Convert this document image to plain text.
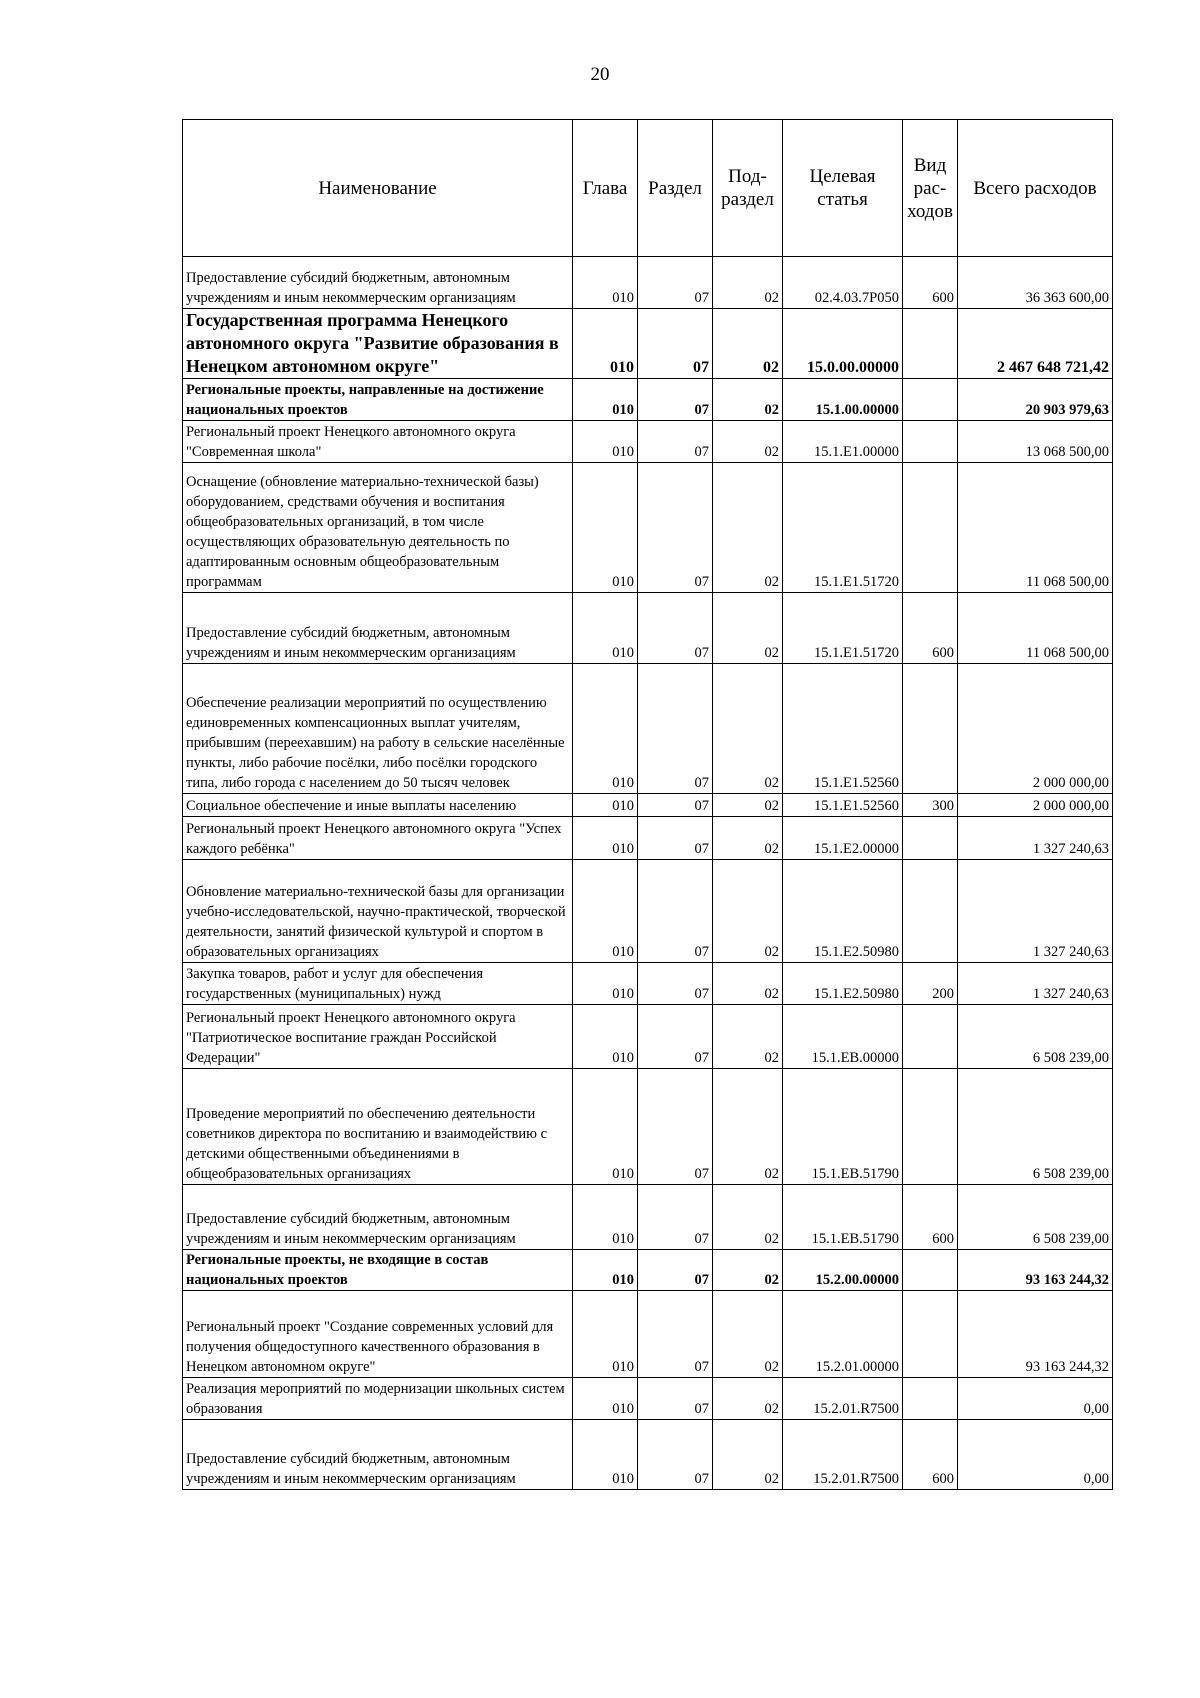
20
Наименование	Глава	Раздел	Под-раздел	Целевая статья	Вид рас-ходов	Всего расходов
Предоставление субсидий бюджетным, автономным учреждениям и иным некоммерческим организациям	010	07	02	02.4.03.7Р050	600	36 363 600,00
Государственная программа Ненецкого автономного округа "Развитие образования в Ненецком автономном округе"	010	07	02	15.0.00.00000		2 467 648 721,42
Региональные проекты, направленные на достижение национальных проектов	010	07	02	15.1.00.00000		20 903 979,63
Региональный проект Ненецкого автономного округа "Современная школа"	010	07	02	15.1.Е1.00000		13 068 500,00
Оснащение (обновление материально-технической базы) оборудованием, средствами обучения и воспитания общеобразовательных организаций, в том числе осуществляющих образовательную деятельность по адаптированным основным общеобразовательным программам	010	07	02	15.1.Е1.51720		11 068 500,00
Предоставление субсидий бюджетным, автономным учреждениям и иным некоммерческим организациям	010	07	02	15.1.Е1.51720	600	11 068 500,00
Обеспечение реализации мероприятий по осуществлению единовременных компенсационных выплат учителям, прибывшим (переехавшим) на работу в сельские населённые пункты, либо рабочие посёлки, либо посёлки городского типа, либо города с населением до 50 тысяч человек	010	07	02	15.1.Е1.52560		2 000 000,00
Социальное обеспечение и иные выплаты населению	010	07	02	15.1.Е1.52560	300	2 000 000,00
Региональный проект Ненецкого автономного округа "Успех каждого ребёнка"	010	07	02	15.1.Е2.00000		1 327 240,63
Обновление материально-технической базы для организации учебно-исследовательской, научно-практической, творческой деятельности, занятий физической культурой и спортом в образовательных организациях	010	07	02	15.1.Е2.50980		1 327 240,63
Закупка товаров, работ и услуг для обеспечения государственных (муниципальных) нужд	010	07	02	15.1.Е2.50980	200	1 327 240,63
Региональный проект Ненецкого автономного округа "Патриотическое воспитание граждан Российской Федерации"	010	07	02	15.1.ЕВ.00000		6 508 239,00
Проведение мероприятий по обеспечению деятельности советников директора по воспитанию и взаимодействию с детскими общественными объединениями в общеобразовательных организациях	010	07	02	15.1.ЕВ.51790		6 508 239,00
Предоставление субсидий бюджетным, автономным учреждениям и иным некоммерческим организациям	010	07	02	15.1.ЕВ.51790	600	6 508 239,00
Региональные проекты, не входящие в состав национальных проектов	010	07	02	15.2.00.00000		93 163 244,32
Региональный проект "Создание современных условий для получения общедоступного качественного образования в Ненецком автономном округе"	010	07	02	15.2.01.00000		93 163 244,32
Реализация мероприятий по модернизации школьных систем образования	010	07	02	15.2.01.R7500		0,00
Предоставление субсидий бюджетным, автономным учреждениям и иным некоммерческим организациям	010	07	02	15.2.01.R7500	600	0,00
